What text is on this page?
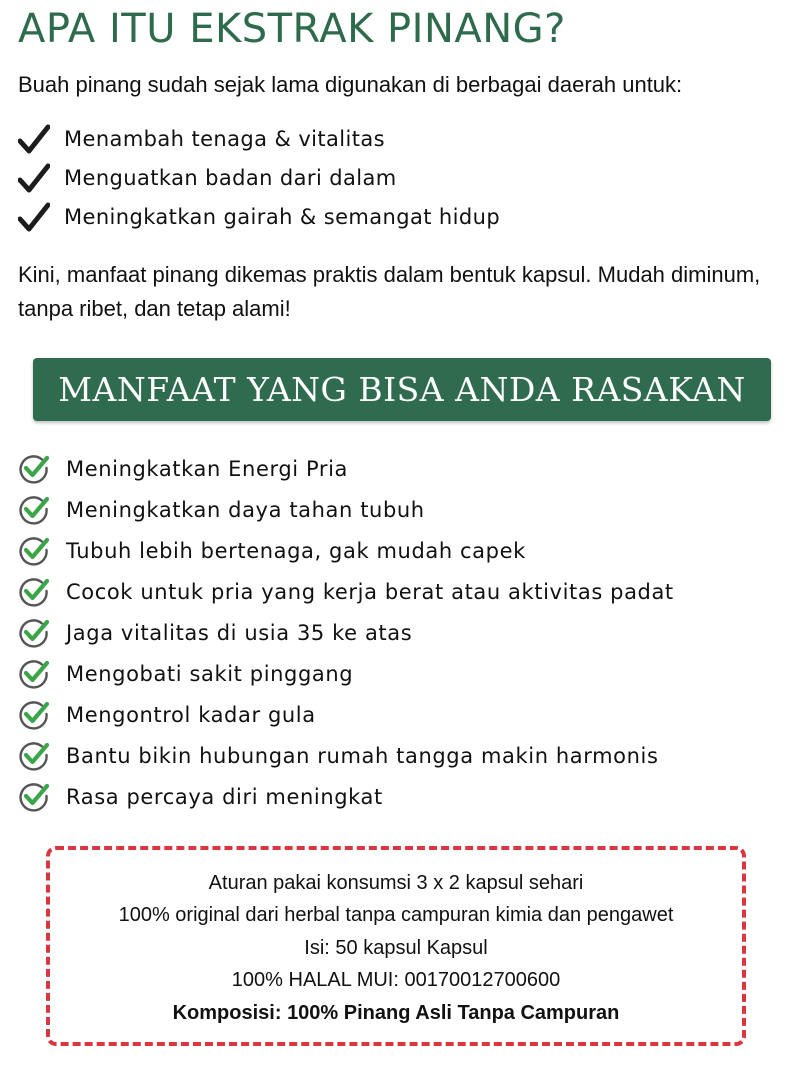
APA ITU EKSTRAK PINANG?

Buah pinang sudah sejak lama digunakan di berbagai daerah untuk:

Menambah tenaga & vitalitas
Menguatkan badan dari dalam
Meningkatkan gairah & semangat hidup

Kini, manfaat pinang dikemas praktis dalam bentuk kapsul. Mudah diminum, tanpa ribet, dan tetap alami!

MANFAAT YANG BISA ANDA RASAKAN
Meningkatkan Energi Pria
Meningkatkan daya tahan tubuh
Tubuh lebih bertenaga, gak mudah capek
Cocok untuk pria yang kerja berat atau aktivitas padat
Jaga vitalitas di usia 35 ke atas
Mengobati sakit pinggang
Mengontrol kadar gula
Bantu bikin hubungan rumah tangga makin harmonis
Rasa percaya diri meningkat
Aturan pakai konsumsi 3 x 2 kapsul sehari
100% original dari herbal tanpa campuran kimia dan pengawet
Isi: 50 kapsul Kapsul
100% HALAL MUI: 00170012700600
Komposisi: 100% Pinang Asli Tanpa Campuran
